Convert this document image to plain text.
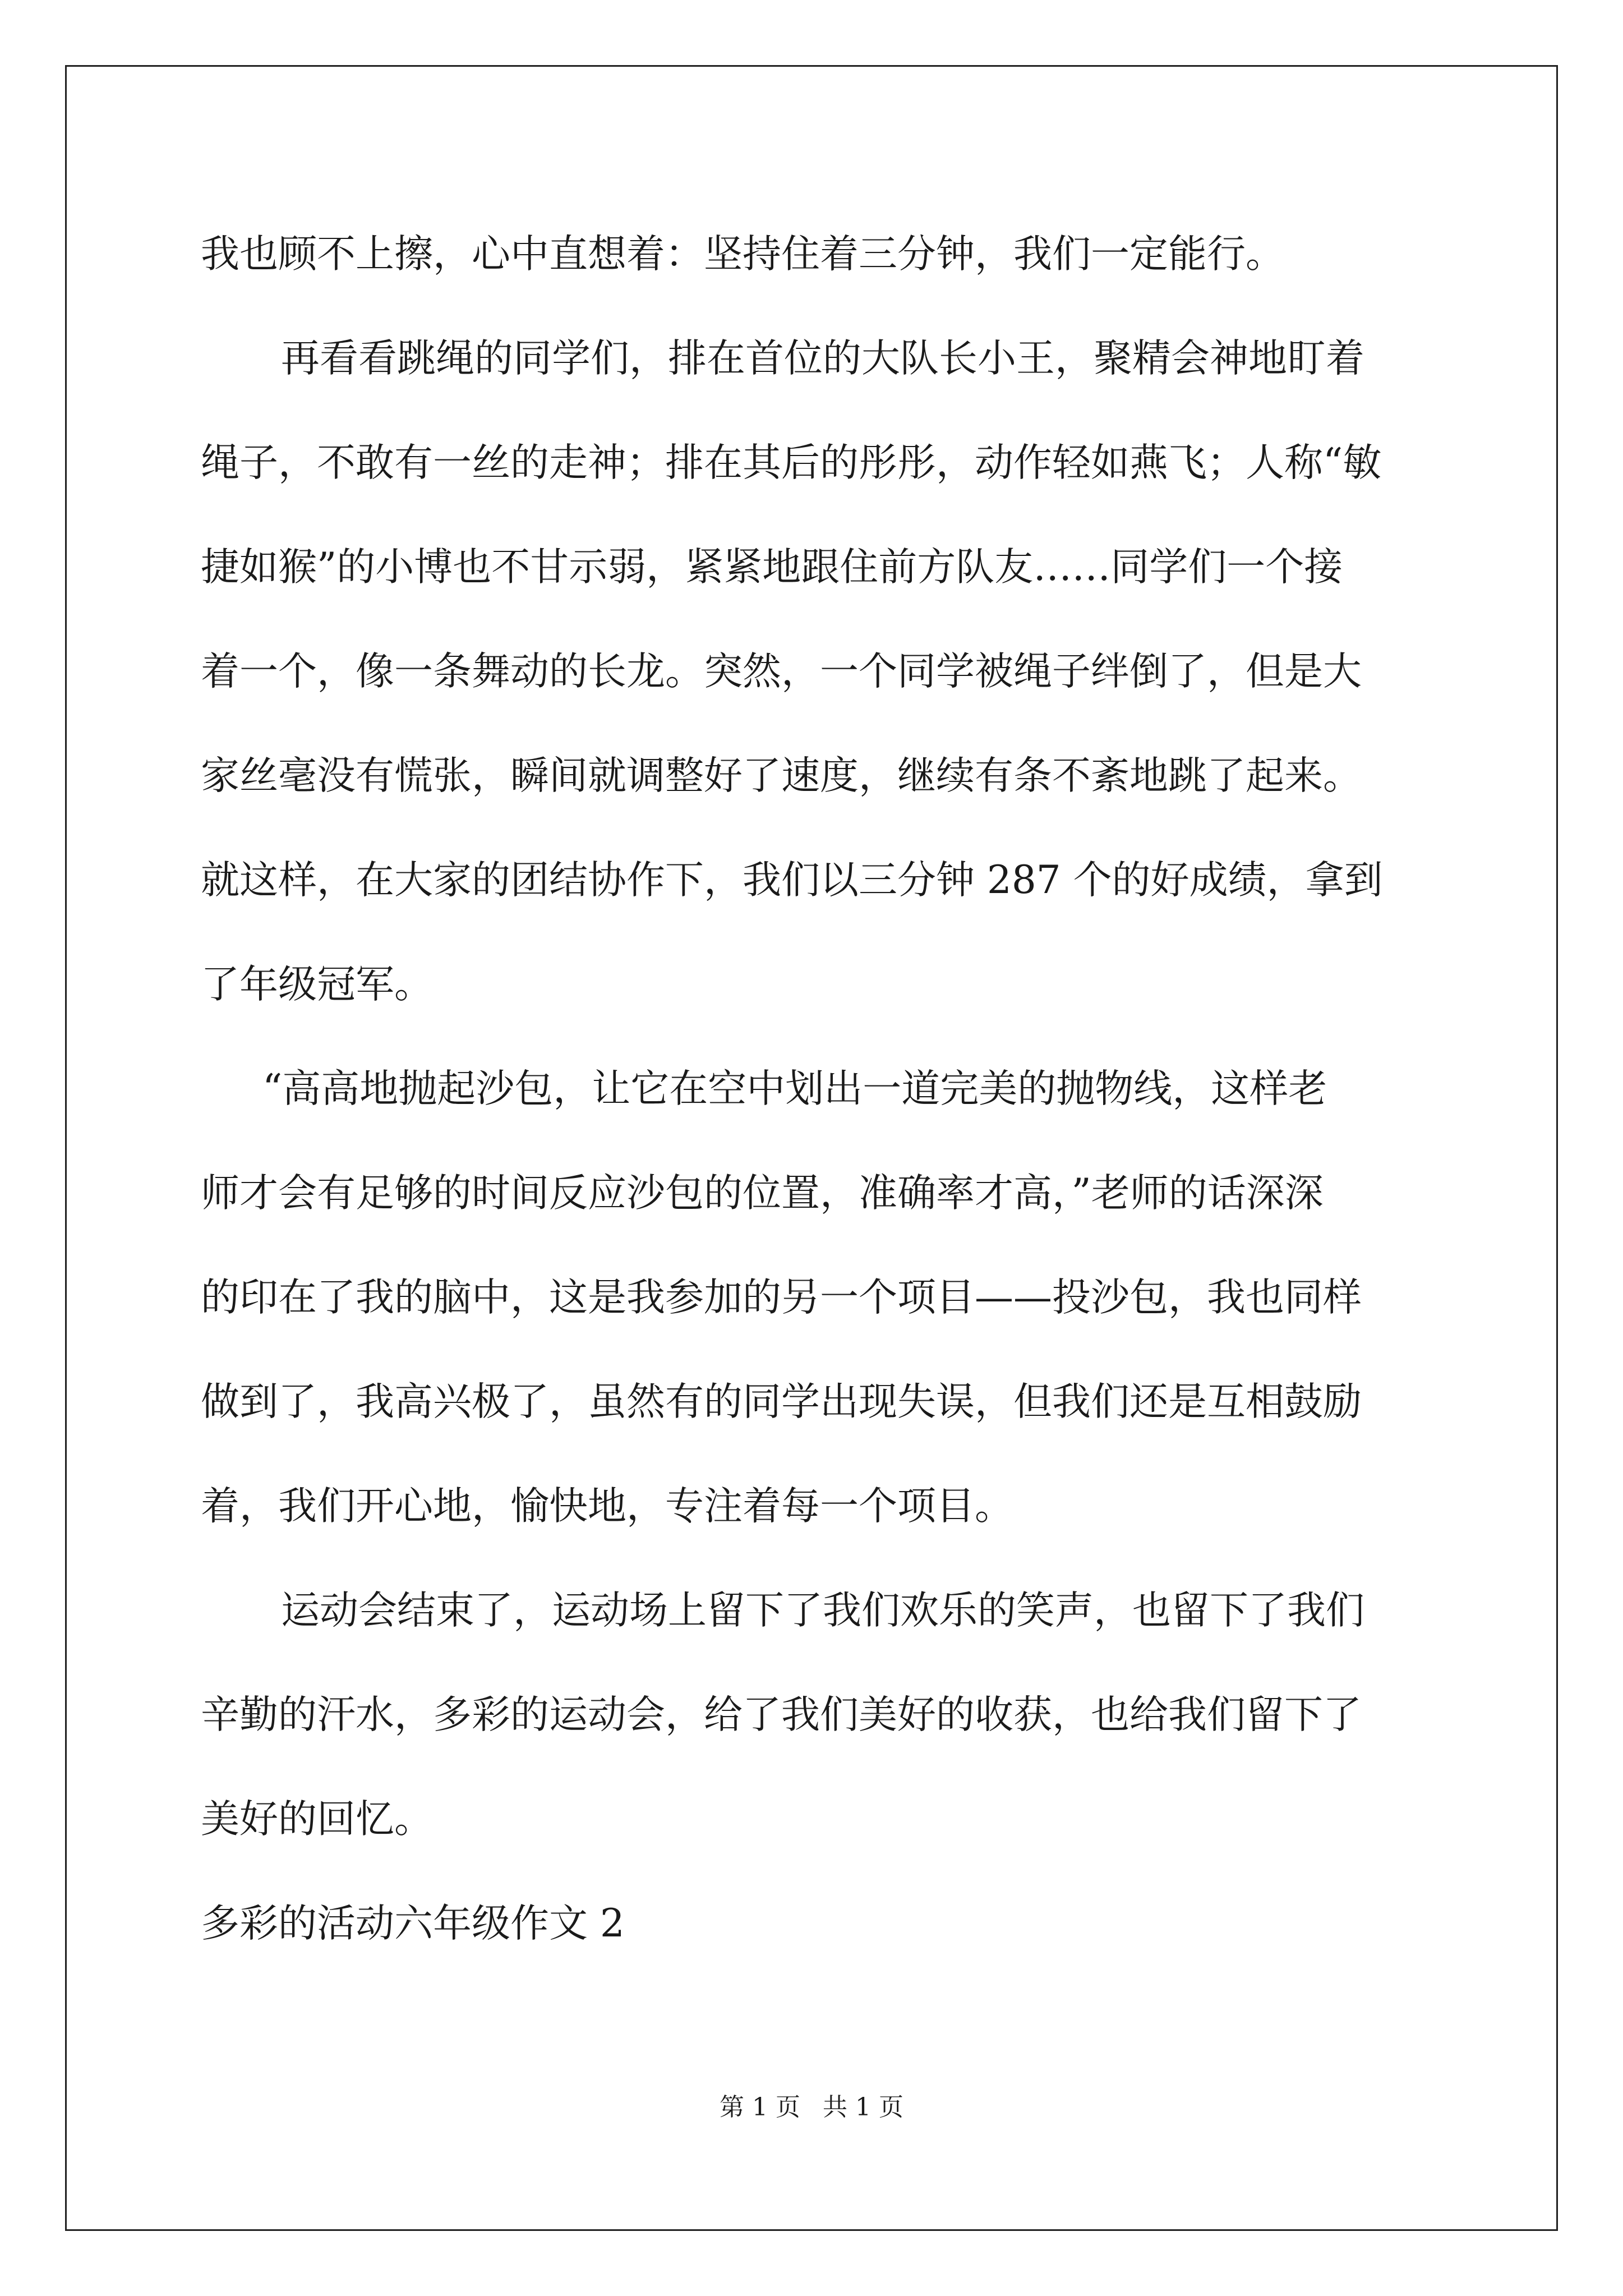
我也顾不上擦，心中直想着：坚持住着三分钟，我们一定能行。
再看看跳绳的同学们，排在首位的大队长小王，聚精会神地盯着
绳子，不敢有一丝的走神；排在其后的彤彤，动作轻如燕飞；人称“敏
捷如猴”的小博也不甘示弱，紧紧地跟住前方队友……同学们一个接
着一个，像一条舞动的长龙。突然，一个同学被绳子绊倒了，但是大
家丝毫没有慌张，瞬间就调整好了速度，继续有条不紊地跳了起来。
就这样，在大家的团结协作下，我们以三分钟 287 个的好成绩，拿到
了年级冠军。
“高高地抛起沙包，让它在空中划出一道完美的抛物线，这样老
师才会有足够的时间反应沙包的位置，准确率才高，”老师的话深深
的印在了我的脑中，这是我参加的另一个项目——投沙包，我也同样
做到了，我高兴极了，虽然有的同学出现失误，但我们还是互相鼓励
着，我们开心地，愉快地，专注着每一个项目。
运动会结束了，运动场上留下了我们欢乐的笑声，也留下了我们
辛勤的汗水，多彩的运动会，给了我们美好的收获，也给我们留下了
美好的回忆。
多彩的活动六年级作文 2
第 1 页 共 1 页
